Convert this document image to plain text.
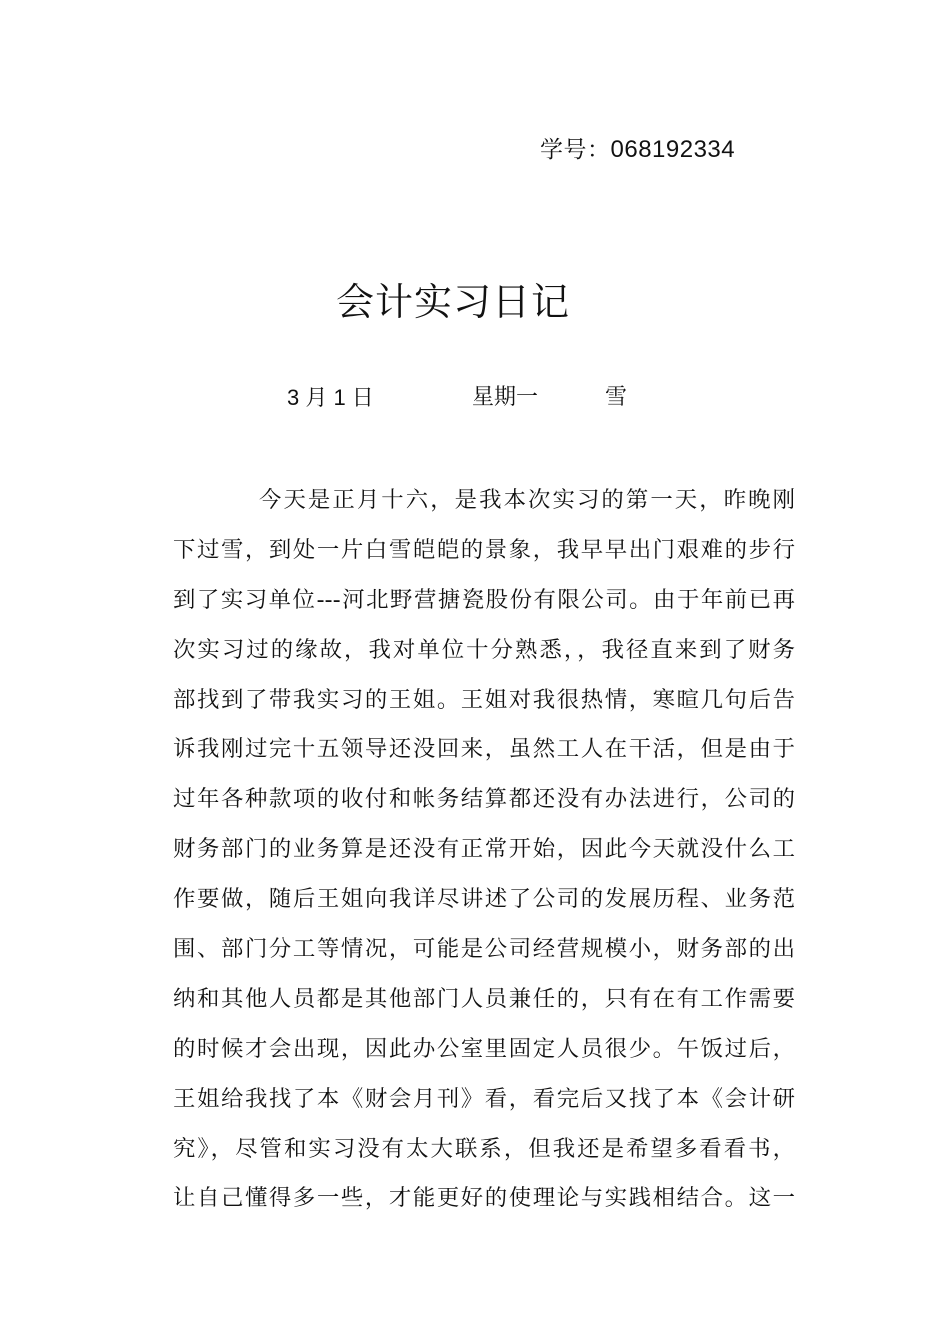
学号：068192334
会计实习日记
3 月 1 日	星期一	雪
今天是正月十六，是我本次实习的第一天，昨晚刚
下过雪，到处一片白雪皑皑的景象，我早早出门艰难的步行
到了实习单位---河北野营搪瓷股份有限公司。由于年前已再
次实习过的缘故，我对单位十分熟悉，，我径直来到了财务
部找到了带我实习的王姐。王姐对我很热情，寒暄几句后告
诉我刚过完十五领导还没回来，虽然工人在干活，但是由于
过年各种款项的收付和帐务结算都还没有办法进行，公司的
财务部门的业务算是还没有正常开始，因此今天就没什么工
作要做，随后王姐向我详尽讲述了公司的发展历程、业务范
围、部门分工等情况，可能是公司经营规模小，财务部的出
纳和其他人员都是其他部门人员兼任的，只有在有工作需要
的时候才会出现，因此办公室里固定人员很少。午饭过后，
王姐给我找了本《财会月刊》看，看完后又找了本《会计研
究》，尽管和实习没有太大联系，但我还是希望多看看书，
让自己懂得多一些，才能更好的使理论与实践相结合。这一
